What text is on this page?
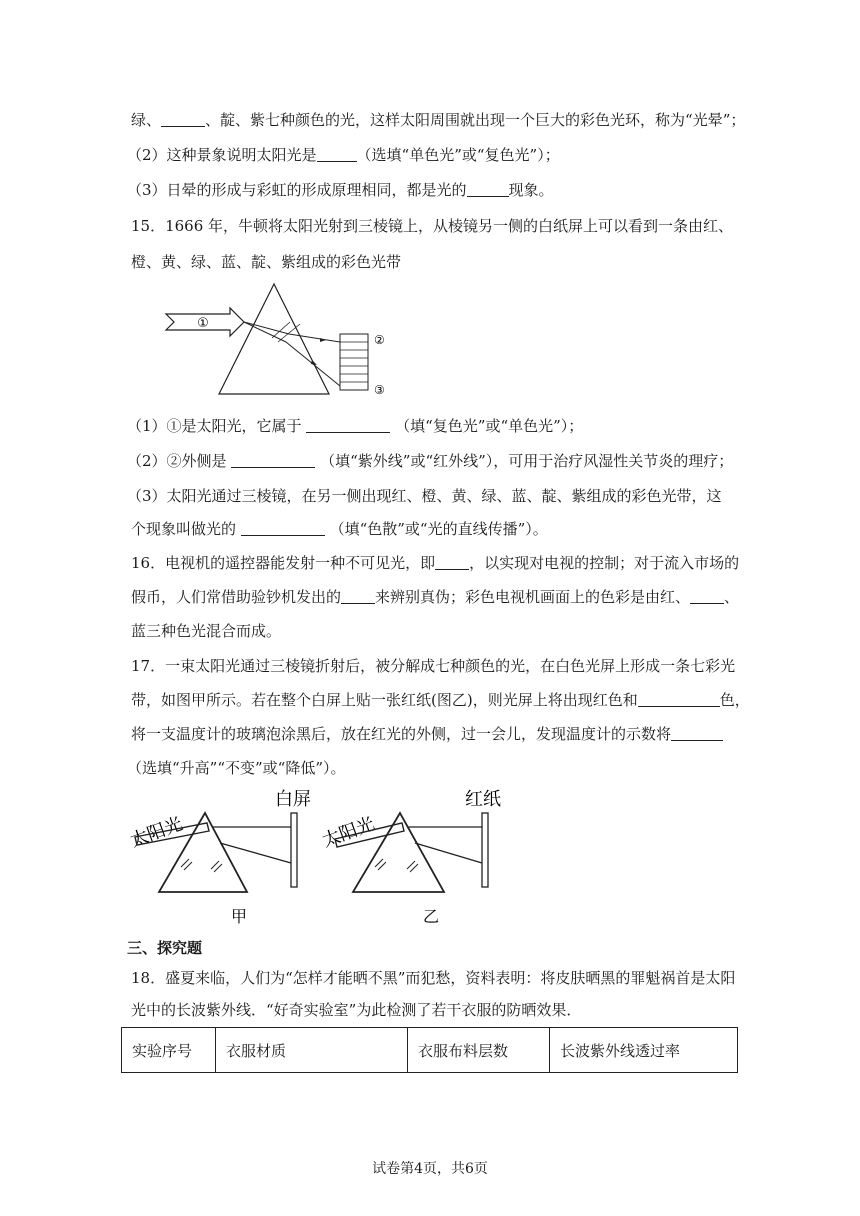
绿、	、靛、紫七种颜色的光，这样太阳周围就出现一个巨大的彩色光环，称为“光晕”；
（2）这种景象说明太阳光是	（选填“单色光”或“复色光”）；
（3）日晕的形成与彩虹的形成原理相同，都是光的	现象。
15．1666 年，牛顿将太阳光射到三棱镜上，从棱镜另一侧的白纸屏上可以看到一条由红、
橙、黄、绿、蓝、靛、紫组成的彩色光带
①
②
③
（1）①是太阳光，它属于	（填“复色光”或“单色光”）；
（2）②外侧是	（填“紫外线”或“红外线”），可用于治疗风湿性关节炎的理疗；
（3）太阳光通过三棱镜，在另一侧出现红、橙、黄、绿、蓝、靛、紫组成的彩色光带，这
个现象叫做光的	（填“色散”或“光的直线传播”）。
16．电视机的遥控器能发射一种不可见光，即 ，以实现对电视的控制；对于流入市场的
假币，人们常借助验钞机发出的 来辨别真伪；彩色电视机画面上的色彩是由红、 、
蓝三种色光混合而成。
17．一束太阳光通过三棱镜折射后，被分解成七种颜色的光，在白色光屏上形成一条七彩光
带，如图甲所示。若在整个白屏上贴一张红纸(图乙)，则光屏上将出现红色和	色，
将一支温度计的玻璃泡涂黑后，放在红光的外侧，过一会儿，发现温度计的示数将
（选填“升高”“不变”或“降低”）。
太阳光
白屏
甲
太阳光
红纸
乙
三、探究题
18．盛夏来临，人们为“怎样才能晒不黑”而犯愁，资料表明：将皮肤晒黑的罪魁祸首是太阳
光中的长波紫外线．“好奇实验室”为此检测了若干衣服的防晒效果．
实验序号	衣服材质	衣服布料层数	长波紫外线透过率
试卷第4页，共6页
